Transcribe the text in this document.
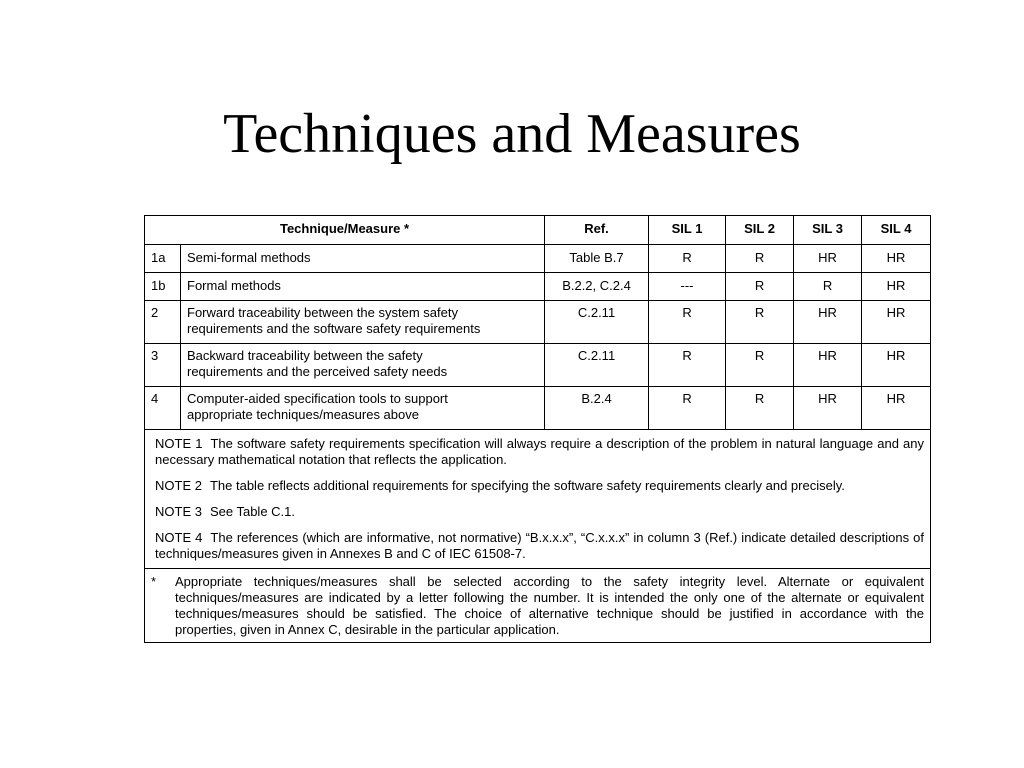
Techniques and Measures
Technique/Measure *		Ref.	SIL 1	SIL 2	SIL 3	SIL 4
1a	Semi-formal methods	Table B.7	R	R	HR	HR
1b	Formal methods	B.2.2, C.2.4	---	R	R	HR
2	Forward traceability between the system safety
requirements and the software safety requirements	C.2.11	R	R	HR	HR
3	Backward traceability between the safety
requirements and the perceived safety needs	C.2.11	R	R	HR	HR
4	Computer-aided specification tools to support
appropriate techniques/measures above	B.2.4	R	R	HR	HR

NOTE 1 The software safety requirements specification will always require a description of the problem in natural language and any necessary mathematical notation that reflects the application.

NOTE 2 The table reflects additional requirements for specifying the software safety requirements clearly and precisely.

NOTE 3 See Table C.1.

NOTE 4 The references (which are informative, not normative) “B.x.x.x”, “C.x.x.x” in column 3 (Ref.) indicate detailed descriptions of techniques/measures given in Annexes B and C of IEC 61508-7.						

* Appropriate techniques/measures shall be selected according to the safety integrity level. Alternate or equivalent techniques/measures are indicated by a letter following the number. It is intended the only one of the alternate or equivalent techniques/measures should be satisfied. The choice of alternative technique should be justified in accordance with the properties, given in Annex C, desirable in the particular application.						
